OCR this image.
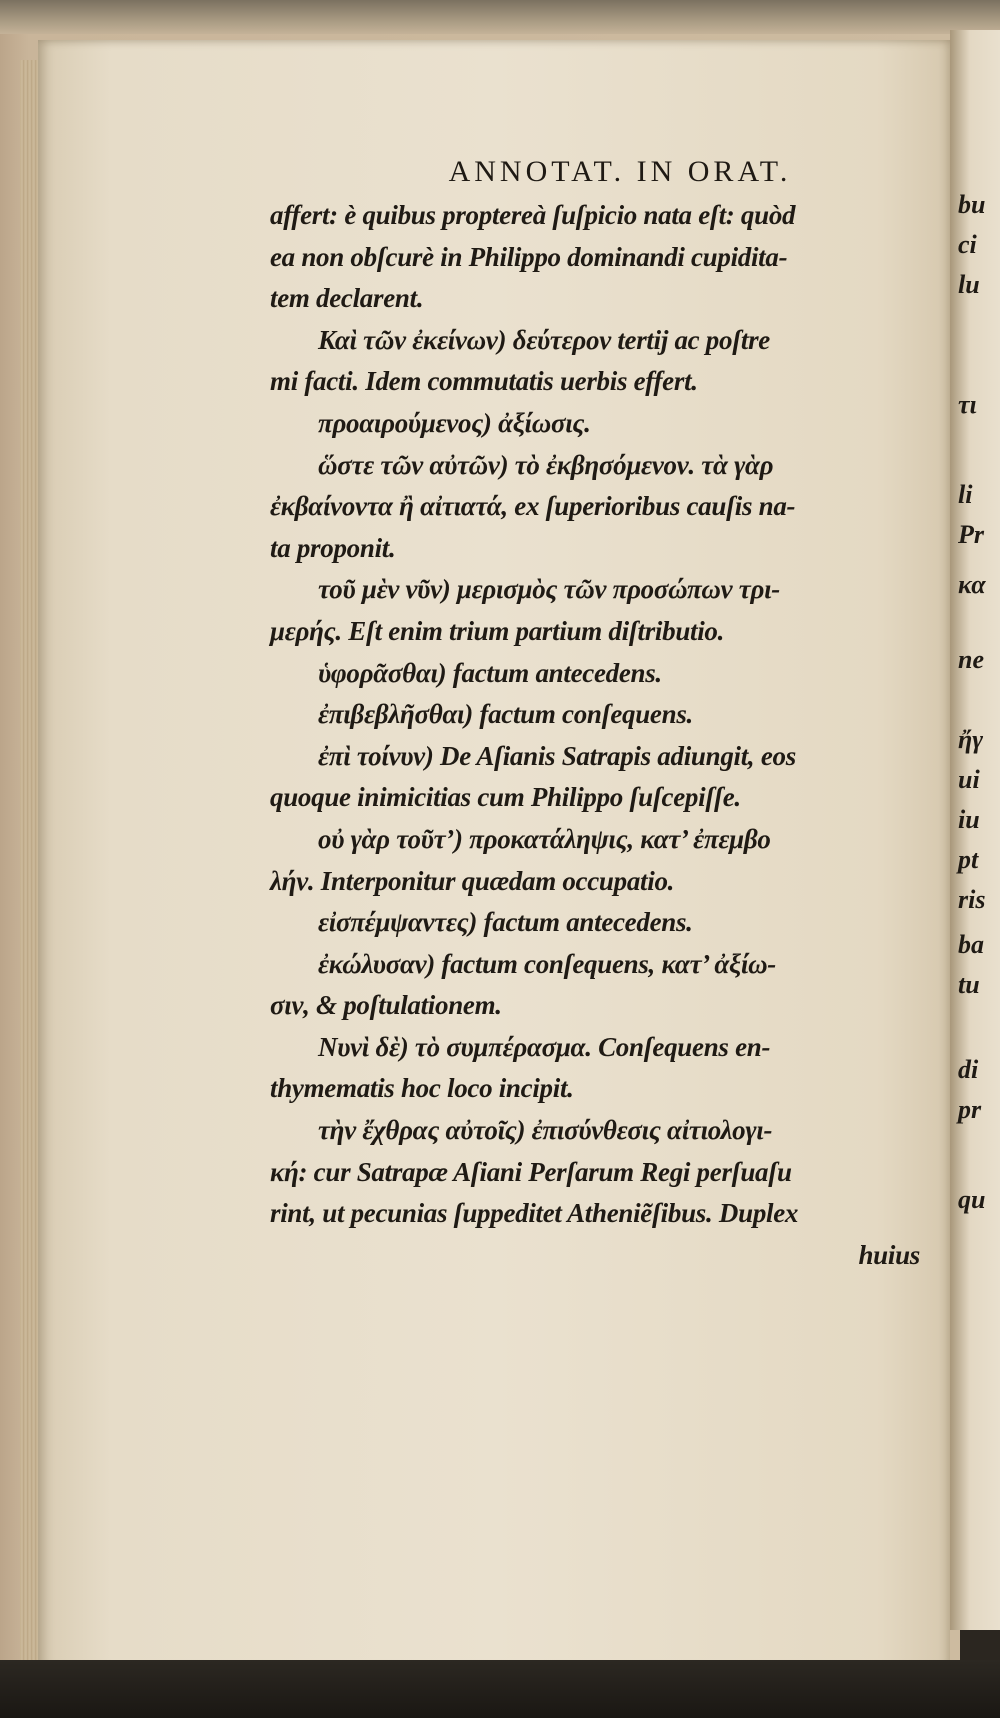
bu
ci
lu
τι
li
Pr
κα
ne
ἤγ
ui
iu
pt
ris
ba
tu
di
pr
qu
ANNOTAT. IN ORAT.
affert: è quibus proptereà ſuſpicio nata eſt: quòd
ea non obſcurè in Philippo dominandi cupidita-
tem declarent.
Καὶ τῶν ἐκείνων) δεύτερον tertij ac poſtre
mi facti. Idem commutatis uerbis effert.
προαιρούμενος) ἀξίωσις.
ὥστε τῶν αὐτῶν) τὸ ἐκβησόμενον. τὰ γὰρ
ἐκβαίνοντα ἢ αἰτιατά, ex ſuperioribus cauſis na-
ta proponit.
τοῦ μὲν νῦν) μερισμὸς τῶν προσώπων τρι-
μερής. Eſt enim trium partium diſtributio.
ὑφορᾶσθαι) factum antecedens.
ἐπιβεβλῆσθαι) factum conſequens.
ἐπὶ τοίνυν) De Aſianis Satrapis adiungit, eos
quoque inimicitias cum Philippo ſuſcepiſſe.
οὐ γὰρ τοῦτ’) προκατάληψις, κατ’ ἐπεμβο
λήν. Interponitur quædam occupatio.
εἰσπέμψαντες) factum antecedens.
ἐκώλυσαν) factum conſequens, κατ’ ἀξίω-
σιν, & poſtulationem.
Νυνὶ δὲ) τὸ συμπέρασμα. Conſequens en-
thymematis hoc loco incipit.
τὴν ἔχθρας αὐτοῖς) ἐπισύνθεσις αἰτιολογι-
κή: cur Satrapæ Aſiani Perſarum Regi perſuaſu
rint, ut pecunias ſuppeditet Atheniẽſibus. Duplex
huius
